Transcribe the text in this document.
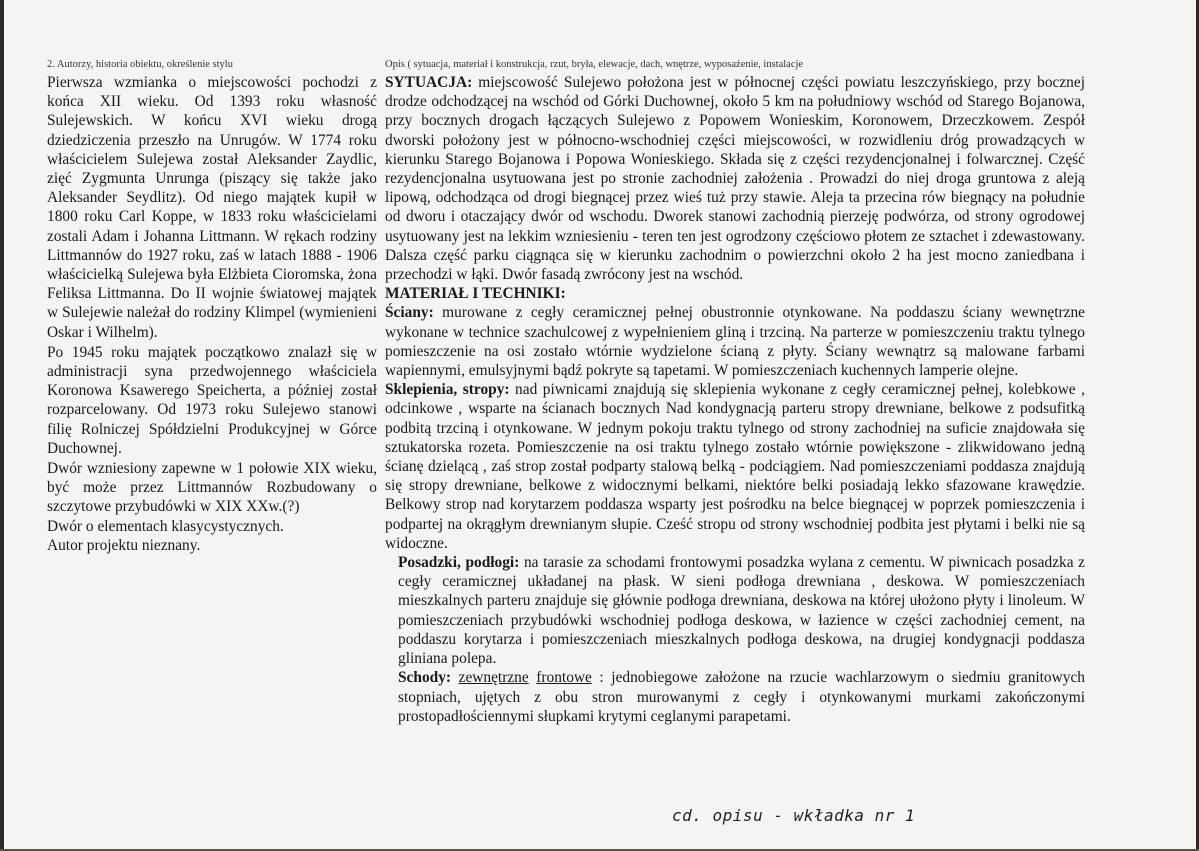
2. Autorzy, historia obiektu, określenie stylu

Pierwsza wzmianka o miejscowości pochodzi z końca XII wieku. Od 1393 roku własność Sulejewskich. W końcu XVI wieku drogą dziedziczenia przeszło na Unrugów. W 1774 roku właścicielem Sulejewa został Aleksander Zaydlic, zięć Zygmunta Unrunga (piszący się także jako Aleksander Seydlitz). Od niego majątek kupił w 1800 roku Carl Koppe, w 1833 roku właścicielami zostali Adam i Johanna Littmann. W rękach rodziny Littmannów do 1927 roku, zaś w latach 1888 - 1906 właścicielką Sulejewa była Elżbieta Cioromska, żona Feliksa Littmanna. Do II wojnie światowej majątek w Sulejewie należał do rodziny Klimpel (wymienieni Oskar i Wilhelm).

Po 1945 roku majątek początkowo znalazł się w administracji syna przedwojennego właściciela Koronowa Ksawerego Speicherta, a później został rozparcelowany. Od 1973 roku Sulejewo stanowi filię Rolniczej Spółdzielni Produkcyjnej w Górce Duchownej.

Dwór wzniesiony zapewne w 1 połowie XIX wieku, być może przez Littmannów Rozbudowany o szczytowe przybudówki w XIX XXw.(?)

Dwór o elementach klasycystycznych.

Autor projektu nieznany.

Opis ( sytuacja, materiał i konstrukcja, rzut, bryła, elewacje, dach, wnętrze, wyposażenie, instalacje

SYTUACJA: miejscowość Sulejewo położona jest w północnej części powiatu leszczyńskiego, przy bocznej drodze odchodzącej na wschód od Górki Duchownej, około 5 km na południowy wschód od Starego Bojanowa, przy bocznych drogach łączących Sulejewo z Popowem Wonieskim, Koronowem, Drzeczkowem. Zespół dworski położony jest w północno-wschodniej części miejscowości, w rozwidleniu dróg prowadzących w kierunku Starego Bojanowa i Popowa Wonieskiego. Składa się z części rezydencjonalnej i folwarcznej. Część rezydencjonalna usytuowana jest po stronie zachodniej założenia . Prowadzi do niej droga gruntowa z aleją lipową, odchodząca od drogi biegnącej przez wieś tuż przy stawie. Aleja ta przecina rów biegnący na południe od dworu i otaczający dwór od wschodu. Dworek stanowi zachodnią pierzeję podwórza, od strony ogrodowej usytuowany jest na lekkim wzniesieniu - teren ten jest ogrodzony częściowo płotem ze sztachet i zdewastowany. Dalsza część parku ciągnąca się w kierunku zachodnim o powierzchni około 2 ha jest mocno zaniedbana i przechodzi w łąki. Dwór fasadą zwrócony jest na wschód.

MATERIAŁ I TECHNIKI:

Ściany: murowane z cegły ceramicznej pełnej obustronnie otynkowane. Na poddaszu ściany wewnętrzne wykonane w technice szachulcowej z wypełnieniem gliną i trzciną. Na parterze w pomieszczeniu traktu tylnego pomieszczenie na osi zostało wtórnie wydzielone ścianą z płyty. Ściany wewnątrz są malowane farbami wapiennymi, emulsyjnymi bądź pokryte są tapetami. W pomieszczeniach kuchennych lamperie olejne.

Sklepienia, stropy: nad piwnicami znajdują się sklepienia wykonane z cegły ceramicznej pełnej, kolebkowe , odcinkowe , wsparte na ścianach bocznych Nad kondygnacją parteru stropy drewniane, belkowe z podsufitką podbitą trzciną i otynkowane. W jednym pokoju traktu tylnego od strony zachodniej na suficie znajdowała się sztukatorska rozeta. Pomieszczenie na osi traktu tylnego zostało wtórnie powiększone - zlikwidowano jedną ścianę dzielącą , zaś strop został podparty stalową belką - podciągiem. Nad pomieszczeniami poddasza znajdują się stropy drewniane, belkowe z widocznymi belkami, niektóre belki posiadają lekko sfazowane krawędzie. Belkowy strop nad korytarzem poddasza wsparty jest pośrodku na belce biegnącej w poprzek pomieszczenia i podpartej na okrągłym drewnianym słupie. Cześć stropu od strony wschodniej podbita jest płytami i belki nie są widoczne.

Posadzki, podłogi: na tarasie za schodami frontowymi posadzka wylana z cementu. W piwnicach posadzka z cegły ceramicznej układanej na płask. W sieni podłoga drewniana , deskowa. W pomieszczeniach mieszkalnych parteru znajduje się głównie podłoga drewniana, deskowa na której ułożono płyty i linoleum. W pomieszczeniach przybudówki wschodniej podłoga deskowa, w łazience w części zachodniej cement, na poddaszu korytarza i pomieszczeniach mieszkalnych podłoga deskowa, na drugiej kondygnacji poddasza gliniana polepa.

Schody: zewnętrzne frontowe : jednobiegowe założone na rzucie wachlarzowym o siedmiu granitowych stopniach, ujętych z obu stron murowanymi z cegły i otynkowanymi murkami zakończonymi prostopadłościennymi słupkami krytymi ceglanymi parapetami.

cd. opisu - wkładka nr 1
